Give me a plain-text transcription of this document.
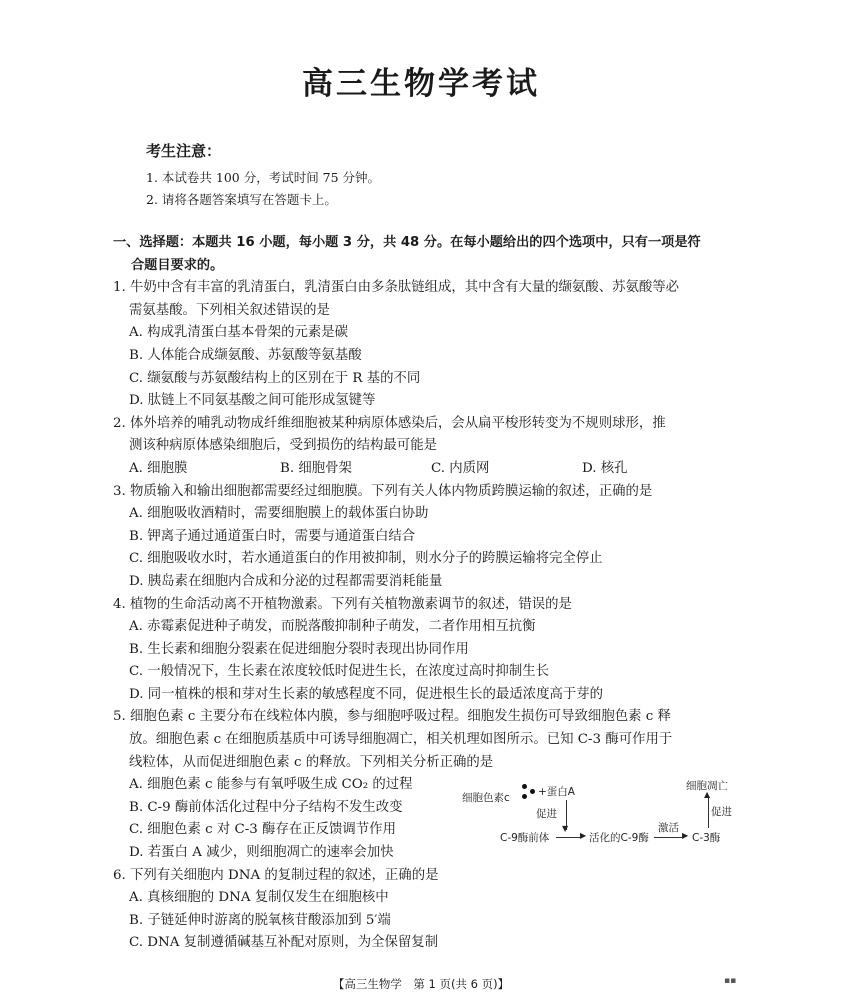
高三生物学考试
考生注意：
1. 本试卷共 100 分，考试时间 75 分钟。
2. 请将各题答案填写在答题卡上。
一、选择题：本题共 16 小题，每小题 3 分，共 48 分。在每小题给出的四个选项中，只有一项是符
合题目要求的。
1. 牛奶中含有丰富的乳清蛋白，乳清蛋白由多条肽链组成，其中含有大量的缬氨酸、苏氨酸等必
需氨基酸。下列相关叙述错误的是
A. 构成乳清蛋白基本骨架的元素是碳
B. 人体能合成缬氨酸、苏氨酸等氨基酸
C. 缬氨酸与苏氨酸结构上的区别在于 R 基的不同
D. 肽链上不同氨基酸之间可能形成氢键等
2. 体外培养的哺乳动物成纤维细胞被某种病原体感染后，会从扁平梭形转变为不规则球形，推
测该种病原体感染细胞后，受到损伤的结构最可能是
A. 细胞膜	B. 细胞骨架	C. 内质网	D. 核孔
3. 物质输入和输出细胞都需要经过细胞膜。下列有关人体内物质跨膜运输的叙述，正确的是
A. 细胞吸收酒精时，需要细胞膜上的载体蛋白协助
B. 钾离子通过通道蛋白时，需要与通道蛋白结合
C. 细胞吸收水时，若水通道蛋白的作用被抑制，则水分子的跨膜运输将完全停止
D. 胰岛素在细胞内合成和分泌的过程都需要消耗能量
4. 植物的生命活动离不开植物激素。下列有关植物激素调节的叙述，错误的是
A. 赤霉素促进种子萌发，而脱落酸抑制种子萌发，二者作用相互抗衡
B. 生长素和细胞分裂素在促进细胞分裂时表现出协同作用
C. 一般情况下，生长素在浓度较低时促进生长，在浓度过高时抑制生长
D. 同一植株的根和芽对生长素的敏感程度不同，促进根生长的最适浓度高于芽的
5. 细胞色素 c 主要分布在线粒体内膜，参与细胞呼吸过程。细胞发生损伤可导致细胞色素 c 释
放。细胞色素 c 在细胞质基质中可诱导细胞凋亡，相关机理如图所示。已知 C-3 酶可作用于
线粒体，从而促进细胞色素 c 的释放。下列相关分析正确的是
A. 细胞色素 c 能参与有氧呼吸生成 CO₂ 的过程
B. C-9 酶前体活化过程中分子结构不发生改变
C. 细胞色素 c 对 C-3 酶存在正反馈调节作用
D. 若蛋白 A 减少，则细胞凋亡的速率会加快
6. 下列有关细胞内 DNA 的复制过程的叙述，正确的是
A. 真核细胞的 DNA 复制仅发生在细胞核中
B. 子链延伸时游离的脱氧核苷酸添加到 5′端
C. DNA 复制遵循碱基互补配对原则，为全保留复制
细胞色素c	+蛋白A
▼
促进
C-9酶前体	▶ 活化的C-9酶	▶
激活
C-3酶
▲
促进
细胞凋亡
【高三生物学　第 1 页(共 6 页)】	▪▪
